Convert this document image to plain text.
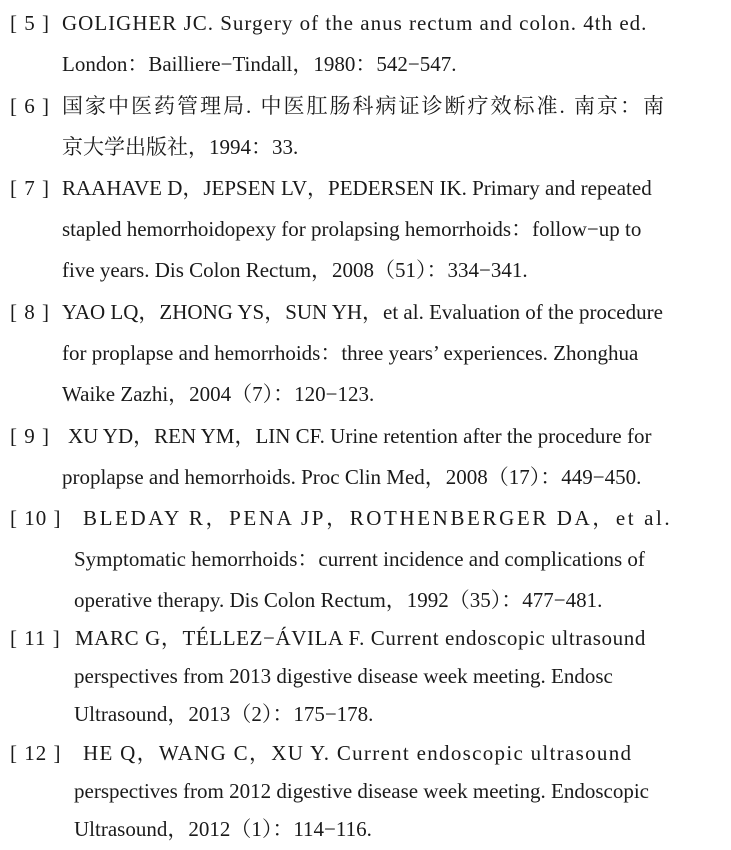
[ 5 ] GOLIGHER JC. Surgery of the anus rectum and colon. 4th ed.
London：Bailliere−Tindall，1980：542−547.
[ 6 ] 国家中医药管理局. 中医肛肠科病证诊断疗效标准. 南京：南
京大学出版社，1994：33.
[ 7 ] RAAHAVE D，JEPSEN LV，PEDERSEN IK. Primary and repeated
stapled hemorrhoidopexy for prolapsing hemorrhoids：follow−up to
five years. Dis Colon Rectum，2008（51）：334−341.
[ 8 ] YAO LQ，ZHONG YS，SUN YH，et al. Evaluation of the procedure
for proplapse and hemorrhoids：three years’ experiences. Zhonghua
Waike Zazhi，2004（7）：120−123.
[ 9 ] XU YD，REN YM，LIN CF. Urine retention after the procedure for
proplapse and hemorrhoids. Proc Clin Med，2008（17）：449−450.
[ 10 ] BLEDAY R，PENA JP，ROTHENBERGER DA，et al.
Symptomatic hemorrhoids：current incidence and complications of
operative therapy. Dis Colon Rectum，1992（35）：477−481.
[ 11 ] MARC G，TÉLLEZ−ÁVILA F. Current endoscopic ultrasound
perspectives from 2013 digestive disease week meeting. Endosc
Ultrasound，2013（2）：175−178.
[ 12 ] HE Q，WANG C，XU Y. Current endoscopic ultrasound
perspectives from 2012 digestive disease week meeting. Endoscopic
Ultrasound，2012（1）：114−116.
